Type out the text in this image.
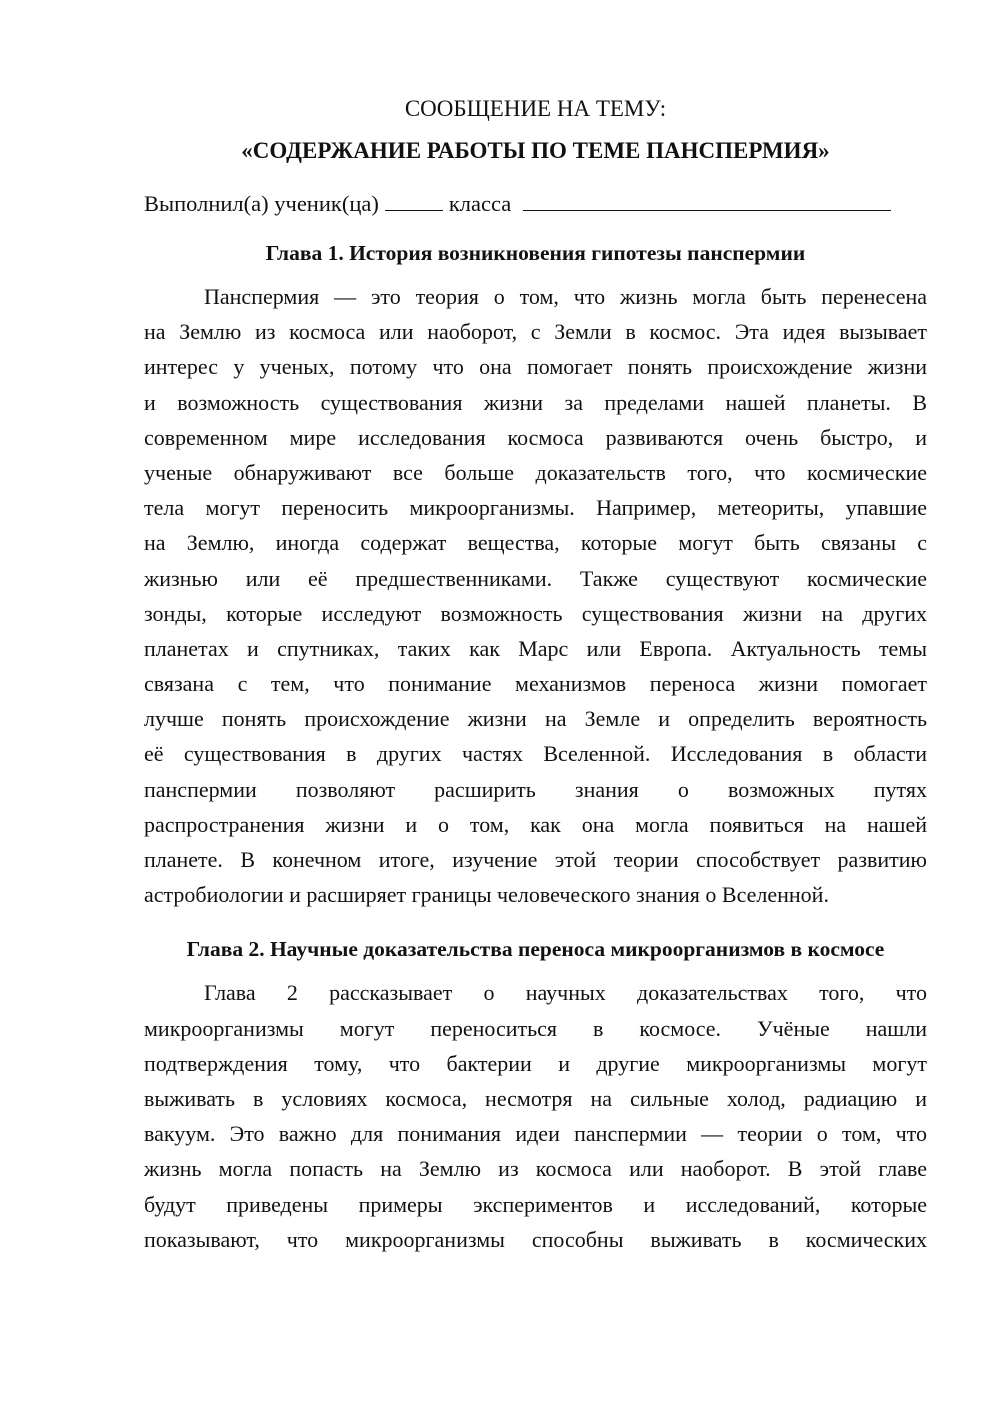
СООБЩЕНИЕ НА ТЕМУ:

«СОДЕРЖАНИЕ РАБОТЫ ПО ТЕМЕ ПАНСПЕРМИЯ»

Выполнил(а) ученик(ца)	класса

Глава 1. История возникновения гипотезы панспермии
Панспермия — это теория о том, что жизнь могла быть перенесена
на Землю из космоса или наоборот, с Земли в космос. Эта идея вызывает
интерес у ученых, потому что она помогает понять происхождение жизни
и возможность существования жизни за пределами нашей планеты. В
современном мире исследования космоса развиваются очень быстро, и
ученые обнаруживают все больше доказательств того, что космические
тела могут переносить микроорганизмы. Например, метеориты, упавшие
на Землю, иногда содержат вещества, которые могут быть связаны с
жизнью или её предшественниками. Также существуют космические
зонды, которые исследуют возможность существования жизни на других
планетах и спутниках, таких как Марс или Европа. Актуальность темы
связана с тем, что понимание механизмов переноса жизни помогает
лучше понять происхождение жизни на Земле и определить вероятность
её существования в других частях Вселенной. Исследования в области
панспермии позволяют расширить знания о возможных путях
распространения жизни и о том, как она могла появиться на нашей
планете. В конечном итоге, изучение этой теории способствует развитию
астробиологии и расширяет границы человеческого знания о Вселенной.
Глава 2. Научные доказательства переноса микроорганизмов в космосе
Глава 2 рассказывает о научных доказательствах того, что
микроорганизмы могут переноситься в космосе. Учёные нашли
подтверждения тому, что бактерии и другие микроорганизмы могут
выживать в условиях космоса, несмотря на сильные холод, радиацию и
вакуум. Это важно для понимания идеи панспермии — теории о том, что
жизнь могла попасть на Землю из космоса или наоборот. В этой главе
будут приведены примеры экспериментов и исследований, которые
показывают, что микроорганизмы способны выживать в космических
